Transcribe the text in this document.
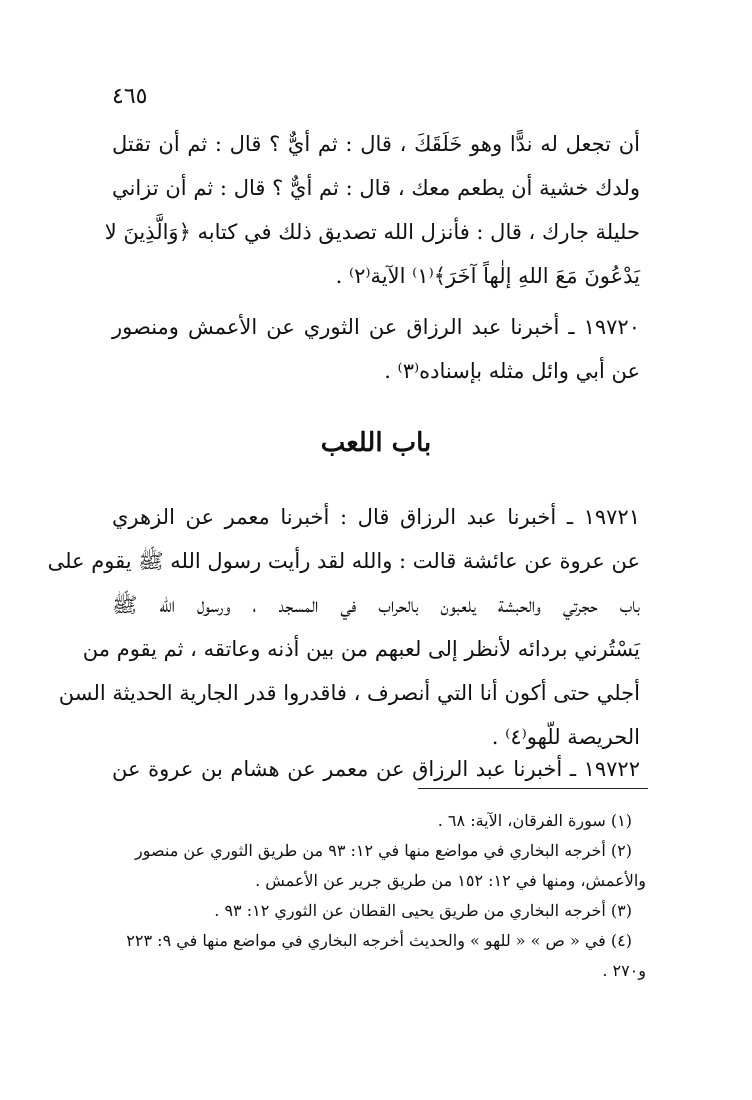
٤٦٥
أن تجعل له ندًّا وهو خَلَقَكَ ، قال : ثم أيٌّ ؟ قال : ثم أن تقتل
ولدك خشية أن يطعم معك ، قال : ثم أيٌّ ؟ قال : ثم أن تزاني
حليلة جارك ، قال : فأنزل الله تصديق ذلك في كتابه ﴿وَالَّذِينَ لا
يَدْعُونَ مَعَ اللهِ إلٰهاً آخَرَ﴾⁽١⁾ الآية⁽٢⁾ .
١٩٧٢٠ ـ أخبرنا عبد الرزاق عن الثوري عن الأعمش ومنصور
عن أبي وائل مثله بإسناده⁽٣⁾ .
باب اللعب
١٩٧٢١ ـ أخبرنا عبد الرزاق قال : أخبرنا معمر عن الزهري
عن عروة عن عائشة قالت : والله لقد رأيت رسول الله ﷺ يقوم على
باب حجرتي والحبشة يلعبون بالحراب في المسجد ، ورسول الله ﷺ
يَسْتُرني بردائه لأنظر إلى لعبهم من بين أذنه وعاتقه ، ثم يقوم من
أجلي حتى أكون أنا التي أنصرف ، فاقدروا قدر الجارية الحديثة السن
الحريصة للّهو⁽٤⁾ .
١٩٧٢٢ ـ أخبرنا عبد الرزاق عن معمر عن هشام بن عروة عن
(١) سورة الفرقان، الآية: ٦٨ .
(٢) أخرجه البخاري في مواضع منها في ١٢: ٩٣ من طريق الثوري عن منصور
والأعمش، ومنها في ١٢: ١٥٢ من طريق جرير عن الأعمش .
(٣) أخرجه البخاري من طريق يحيى القطان عن الثوري ١٢: ٩٣ .
(٤) في « ص » « للهو » والحديث أخرجه البخاري في مواضع منها في ٩: ٢٢٣
و٢٧٠ .
